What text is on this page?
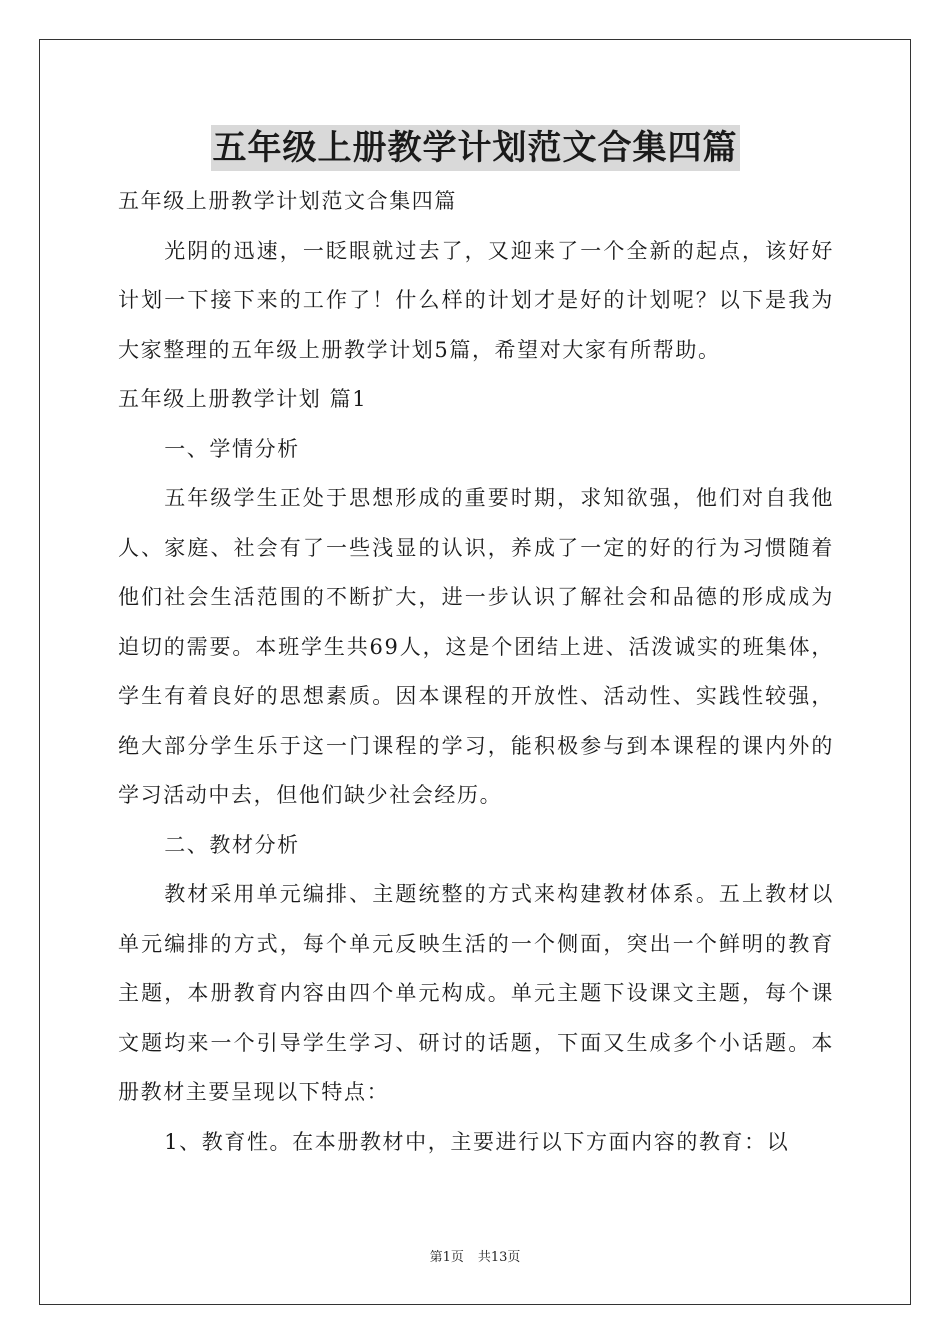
五年级上册教学计划范文合集四篇

五年级上册教学计划范文合集四篇

光阴的迅速，一眨眼就过去了，又迎来了一个全新的起点，该好好计划一下接下来的工作了！什么样的计划才是好的计划呢？以下是我为大家整理的五年级上册教学计划5篇，希望对大家有所帮助。

五年级上册教学计划 篇1

一、学情分析

五年级学生正处于思想形成的重要时期，求知欲强，他们对自我他人、家庭、社会有了一些浅显的认识，养成了一定的好的行为习惯随着他们社会生活范围的不断扩大，进一步认识了解社会和品德的形成成为迫切的需要。本班学生共69人，这是个团结上进、活泼诚实的班集体，学生有着良好的思想素质。因本课程的开放性、活动性、实践性较强，绝大部分学生乐于这一门课程的学习，能积极参与到本课程的课内外的学习活动中去，但他们缺少社会经历。

二、教材分析

教材采用单元编排、主题统整的方式来构建教材体系。五上教材以单元编排的方式，每个单元反映生活的一个侧面，突出一个鲜明的教育主题，本册教育内容由四个单元构成。单元主题下设课文主题，每个课文题均来一个引导学生学习、研讨的话题，下面又生成多个小话题。本册教材主要呈现以下特点：

1、教育性。在本册教材中，主要进行以下方面内容的教育：以

第1页 共13页
